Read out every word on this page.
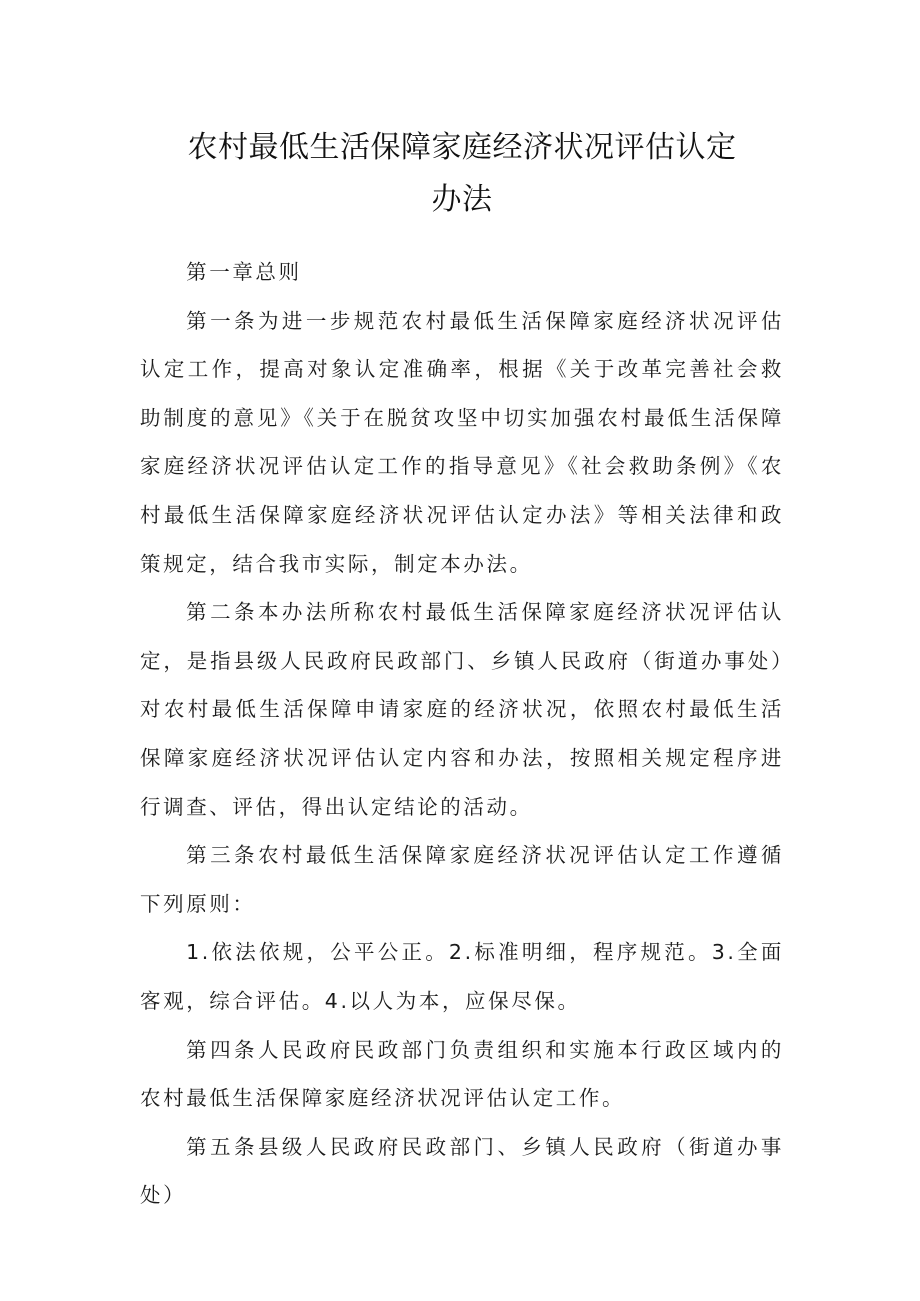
农村最低生活保障家庭经济状况评估认定
办法

第一章总则

第一条为进一步规范农村最低生活保障家庭经济状况评估认定工作，提高对象认定准确率，根据《关于改革完善社会救助制度的意见》《关于在脱贫攻坚中切实加强农村最低生活保障家庭经济状况评估认定工作的指导意见》《社会救助条例》《农村最低生活保障家庭经济状况评估认定办法》等相关法律和政策规定，结合我市实际，制定本办法。

第二条本办法所称农村最低生活保障家庭经济状况评估认定，是指县级人民政府民政部门、乡镇人民政府（街道办事处）对农村最低生活保障申请家庭的经济状况，依照农村最低生活保障家庭经济状况评估认定内容和办法，按照相关规定程序进行调查、评估，得出认定结论的活动。

第三条农村最低生活保障家庭经济状况评估认定工作遵循下列原则：

1.依法依规，公平公正。2.标准明细，程序规范。3.全面客观，综合评估。4.以人为本，应保尽保。

第四条人民政府民政部门负责组织和实施本行政区域内的农村最低生活保障家庭经济状况评估认定工作。

第五条县级人民政府民政部门、乡镇人民政府（街道办事处）
